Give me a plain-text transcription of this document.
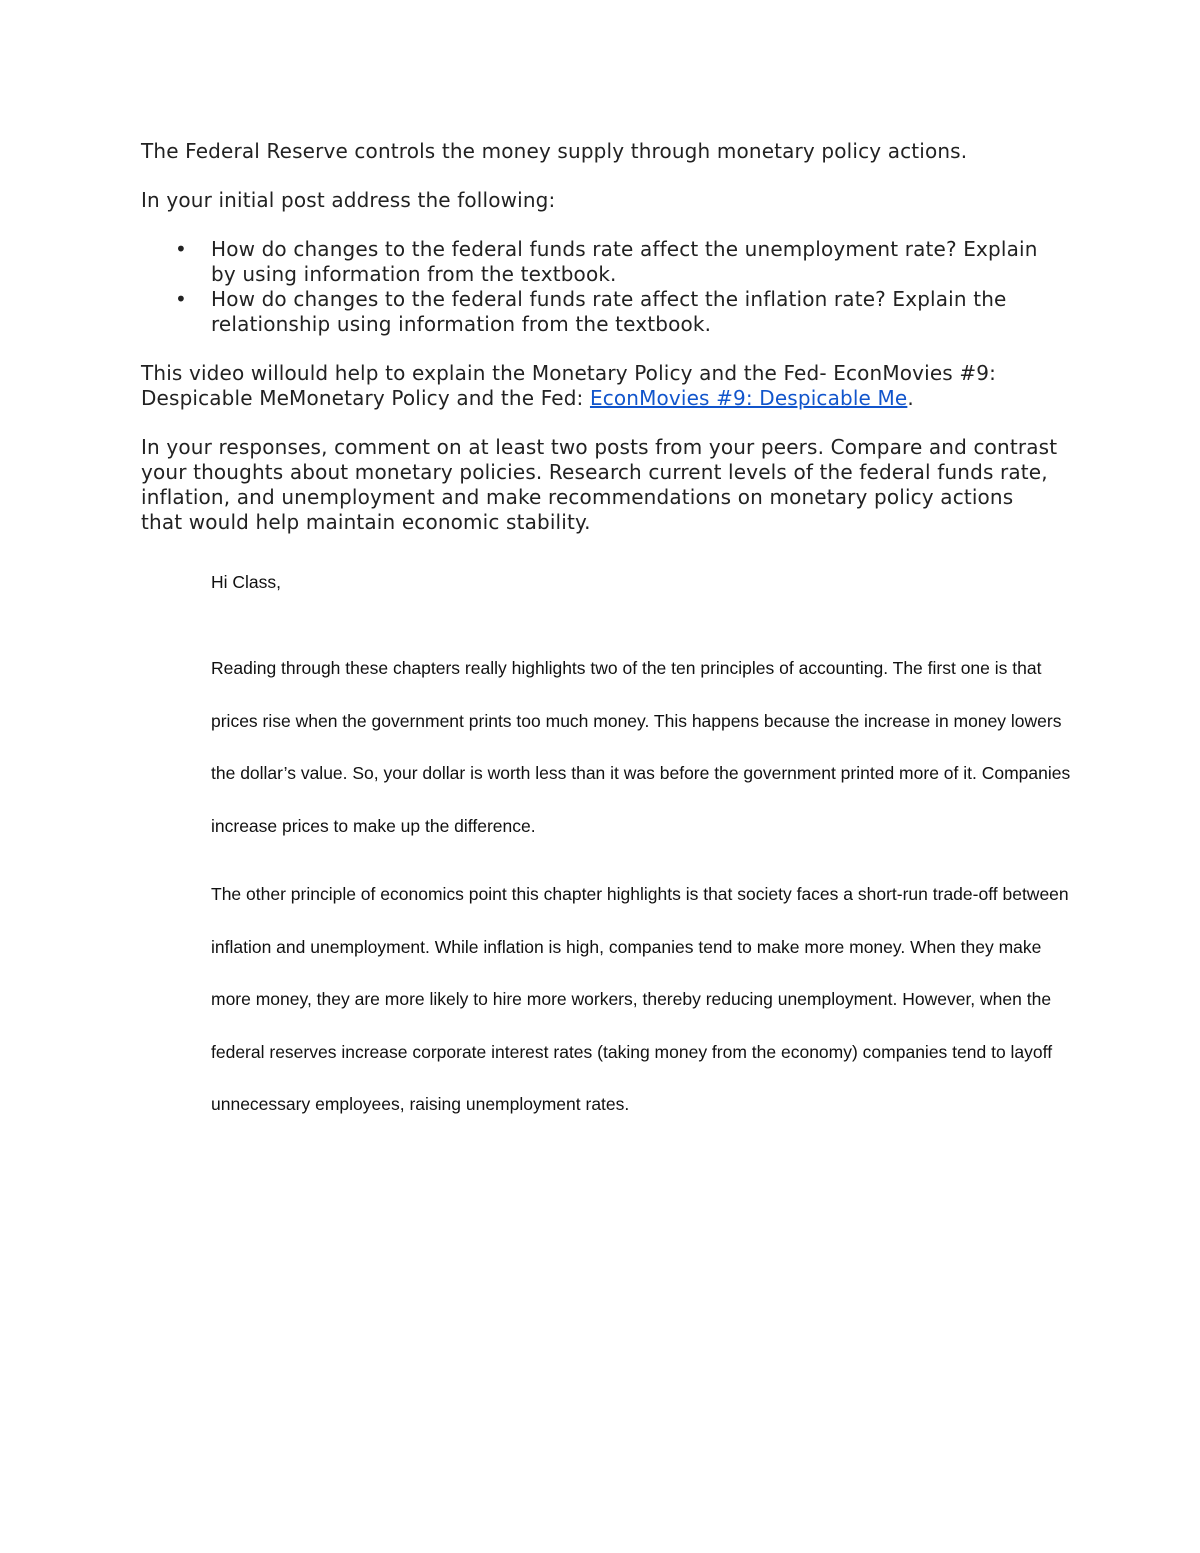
The Federal Reserve controls the money supply through monetary policy actions.

In your initial post address the following:

• How do changes to the federal funds rate affect the unemployment rate? Explain by using information from the textbook.
• How do changes to the federal funds rate affect the inflation rate? Explain the relationship using information from the textbook.

This video willould help to explain the Monetary Policy and the Fed- EconMovies #9: Despicable MeMonetary Policy and the Fed: EconMovies #9: Despicable Me.

In your responses, comment on at least two posts from your peers. Compare and contrast your thoughts about monetary policies. Research current levels of the federal funds rate, inflation, and unemployment and make recommendations on monetary policy actions that would help maintain economic stability.

Hi Class,

Reading through these chapters really highlights two of the ten principles of accounting. The first one is that prices rise when the government prints too much money. This happens because the increase in money lowers the dollar’s value. So, your dollar is worth less than it was before the government printed more of it. Companies increase prices to make up the difference.

The other principle of economics point this chapter highlights is that society faces a short-run trade-off between inflation and unemployment. While inflation is high, companies tend to make more money. When they make more money, they are more likely to hire more workers, thereby reducing unemployment. However, when the federal reserves increase corporate interest rates (taking money from the economy) companies tend to layoff unnecessary employees, raising unemployment rates.
